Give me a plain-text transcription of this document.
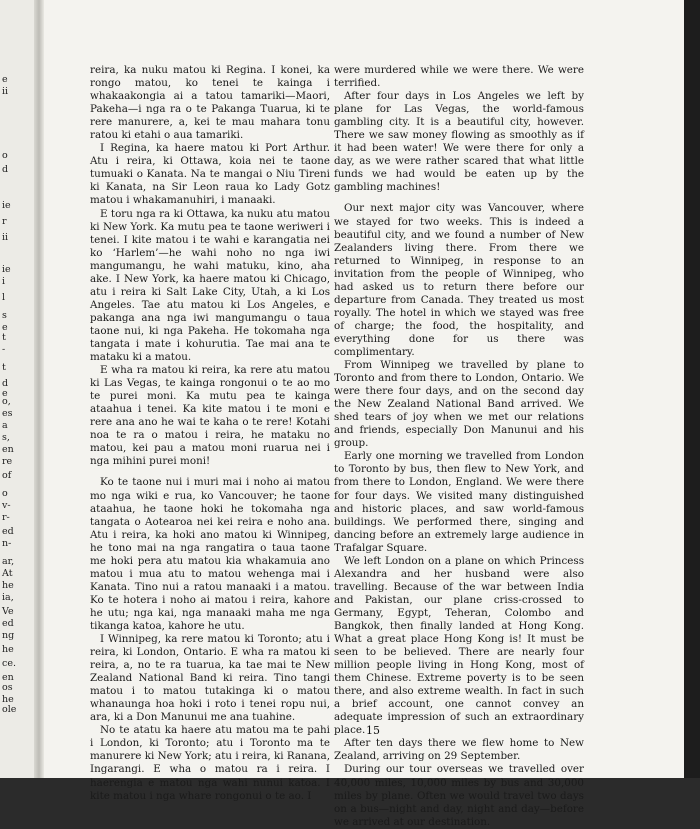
e
ii
o
d
ie
r
ii
ie
i
l
s
e
t
-
t
d
e
o,
es
a
s,
en
re
of
o
v-
r-
ed
n-
ar,
At
he
ia,
Ve
ed
ng
he
ce.
en
os
he
ole

reira, ka nuku matou ki Regina. I konei, ka rongo matou, ko tenei te kainga i whakaakongia ai a tatou tamariki—Maori, Pakeha—i nga ra o te Pakanga Tuarua, ki te rere manurere, a, kei te mau mahara tonu ratou ki etahi o aua tamariki.

I Regina, ka haere matou ki Port Arthur. Atu i reira, ki Ottawa, koia nei te taone tumuaki o Kanata. Na te mangai o Niu Tireni ki Kanata, na Sir Leon raua ko Lady Gotz matou i whakamanuhiri, i manaaki.

E toru nga ra ki Ottawa, ka nuku atu matou ki New York. Ka mutu pea te taone weriweri i tenei. I kite matou i te wahi e karangatia nei ko ‘Harlem’—he wahi noho no nga iwi mangumangu, he wahi matuku, kino, aha ake. I New York, ka haere matou ki Chicago, atu i reira ki Salt Lake City, Utah, a ki Los Angeles. Tae atu matou ki Los Angeles, e pakanga ana nga iwi mangumangu o taua taone nui, ki nga Pakeha. He tokomaha nga tangata i mate i kohurutia. Tae mai ana te mataku ki a matou.

E wha ra matou ki reira, ka rere atu matou ki Las Vegas, te kainga rongonui o te ao mo te purei moni. Ka mutu pea te kainga ataahua i tenei. Ka kite matou i te moni e rere ana ano he wai te kaha o te rere! Kotahi noa te ra o matou i reira, he mataku no matou, kei pau a matou moni ruarua nei i nga mihini purei moni!

Ko te taone nui i muri mai i noho ai matou mo nga wiki e rua, ko Vancouver; he taone ataahua, he taone hoki he tokomaha nga tangata o Aotearoa nei kei reira e noho ana. Atu i reira, ka hoki ano matou ki Winnipeg, he tono mai na nga rangatira o taua taone me hoki pera atu matou kia whakamuia ano matou i mua atu to matou wehenga mai i Kanata. Tino nui a ratou manaaki i a matou. Ko te hotera i noho ai matou i reira, kahore he utu; nga kai, nga manaaki maha me nga tikanga katoa, kahore he utu.

I Winnipeg, ka rere matou ki Toronto; atu i reira, ki London, Ontario. E wha ra matou ki reira, a, no te ra tuarua, ka tae mai te New Zealand National Band ki reira. Tino tangi matou i to matou tutakinga ki o matou whanaunga hoa hoki i roto i tenei ropu nui, ara, ki a Don Manunui me ana tuahine.

No te atatu ka haere atu matou ma te pahi i London, ki Toronto; atu i Toronto ma te manurere ki New York; atu i reira, ki Ranana, Ingarangi. E wha o matou ra i reira. I haerengia e matou nga wahi nunui katoa. I kite matou i nga whare rongonui o te ao. I

were murdered while we were there. We were terrified.

After four days in Los Angeles we left by plane for Las Vegas, the world-famous gambling city. It is a beautiful city, however. There we saw money flowing as smoothly as if it had been water! We were there for only a day, as we were rather scared that what little funds we had would be eaten up by the gambling machines!

Our next major city was Vancouver, where we stayed for two weeks. This is indeed a beautiful city, and we found a number of New Zealanders living there. From there we returned to Winnipeg, in response to an invitation from the people of Winnipeg, who had asked us to return there before our departure from Canada. They treated us most royally. The hotel in which we stayed was free of charge; the food, the hospitality, and everything done for us there was complimentary.

From Winnipeg we travelled by plane to Toronto and from there to London, Ontario. We were there four days, and on the second day the New Zealand National Band arrived. We shed tears of joy when we met our relations and friends, especially Don Manunui and his group.

Early one morning we travelled from London to Toronto by bus, then flew to New York, and from there to London, England. We were there for four days. We visited many distinguished and historic places, and saw world-famous buildings. We performed there, singing and dancing before an extremely large audience in Trafalgar Square.

We left London on a plane on which Princess Alexandra and her husband were also travelling. Because of the war between India and Pakistan, our plane criss-crossed to Germany, Egypt, Teheran, Colombo and Bangkok, then finally landed at Hong Kong. What a great place Hong Kong is! It must be seen to be believed. There are nearly four million people living in Hong Kong, most of them Chinese. Extreme poverty is to be seen there, and also extreme wealth. In fact in such a brief account, one cannot convey an adequate impression of such an extraordinary place.

After ten days there we flew home to New Zealand, arriving on 29 September.

During our tour overseas we travelled over 40,000 miles, 10,000 miles by bus and 30,000 miles by plane. Often we would travel two days on a bus—night and day, night and day—before we arrived at our destination.

15
